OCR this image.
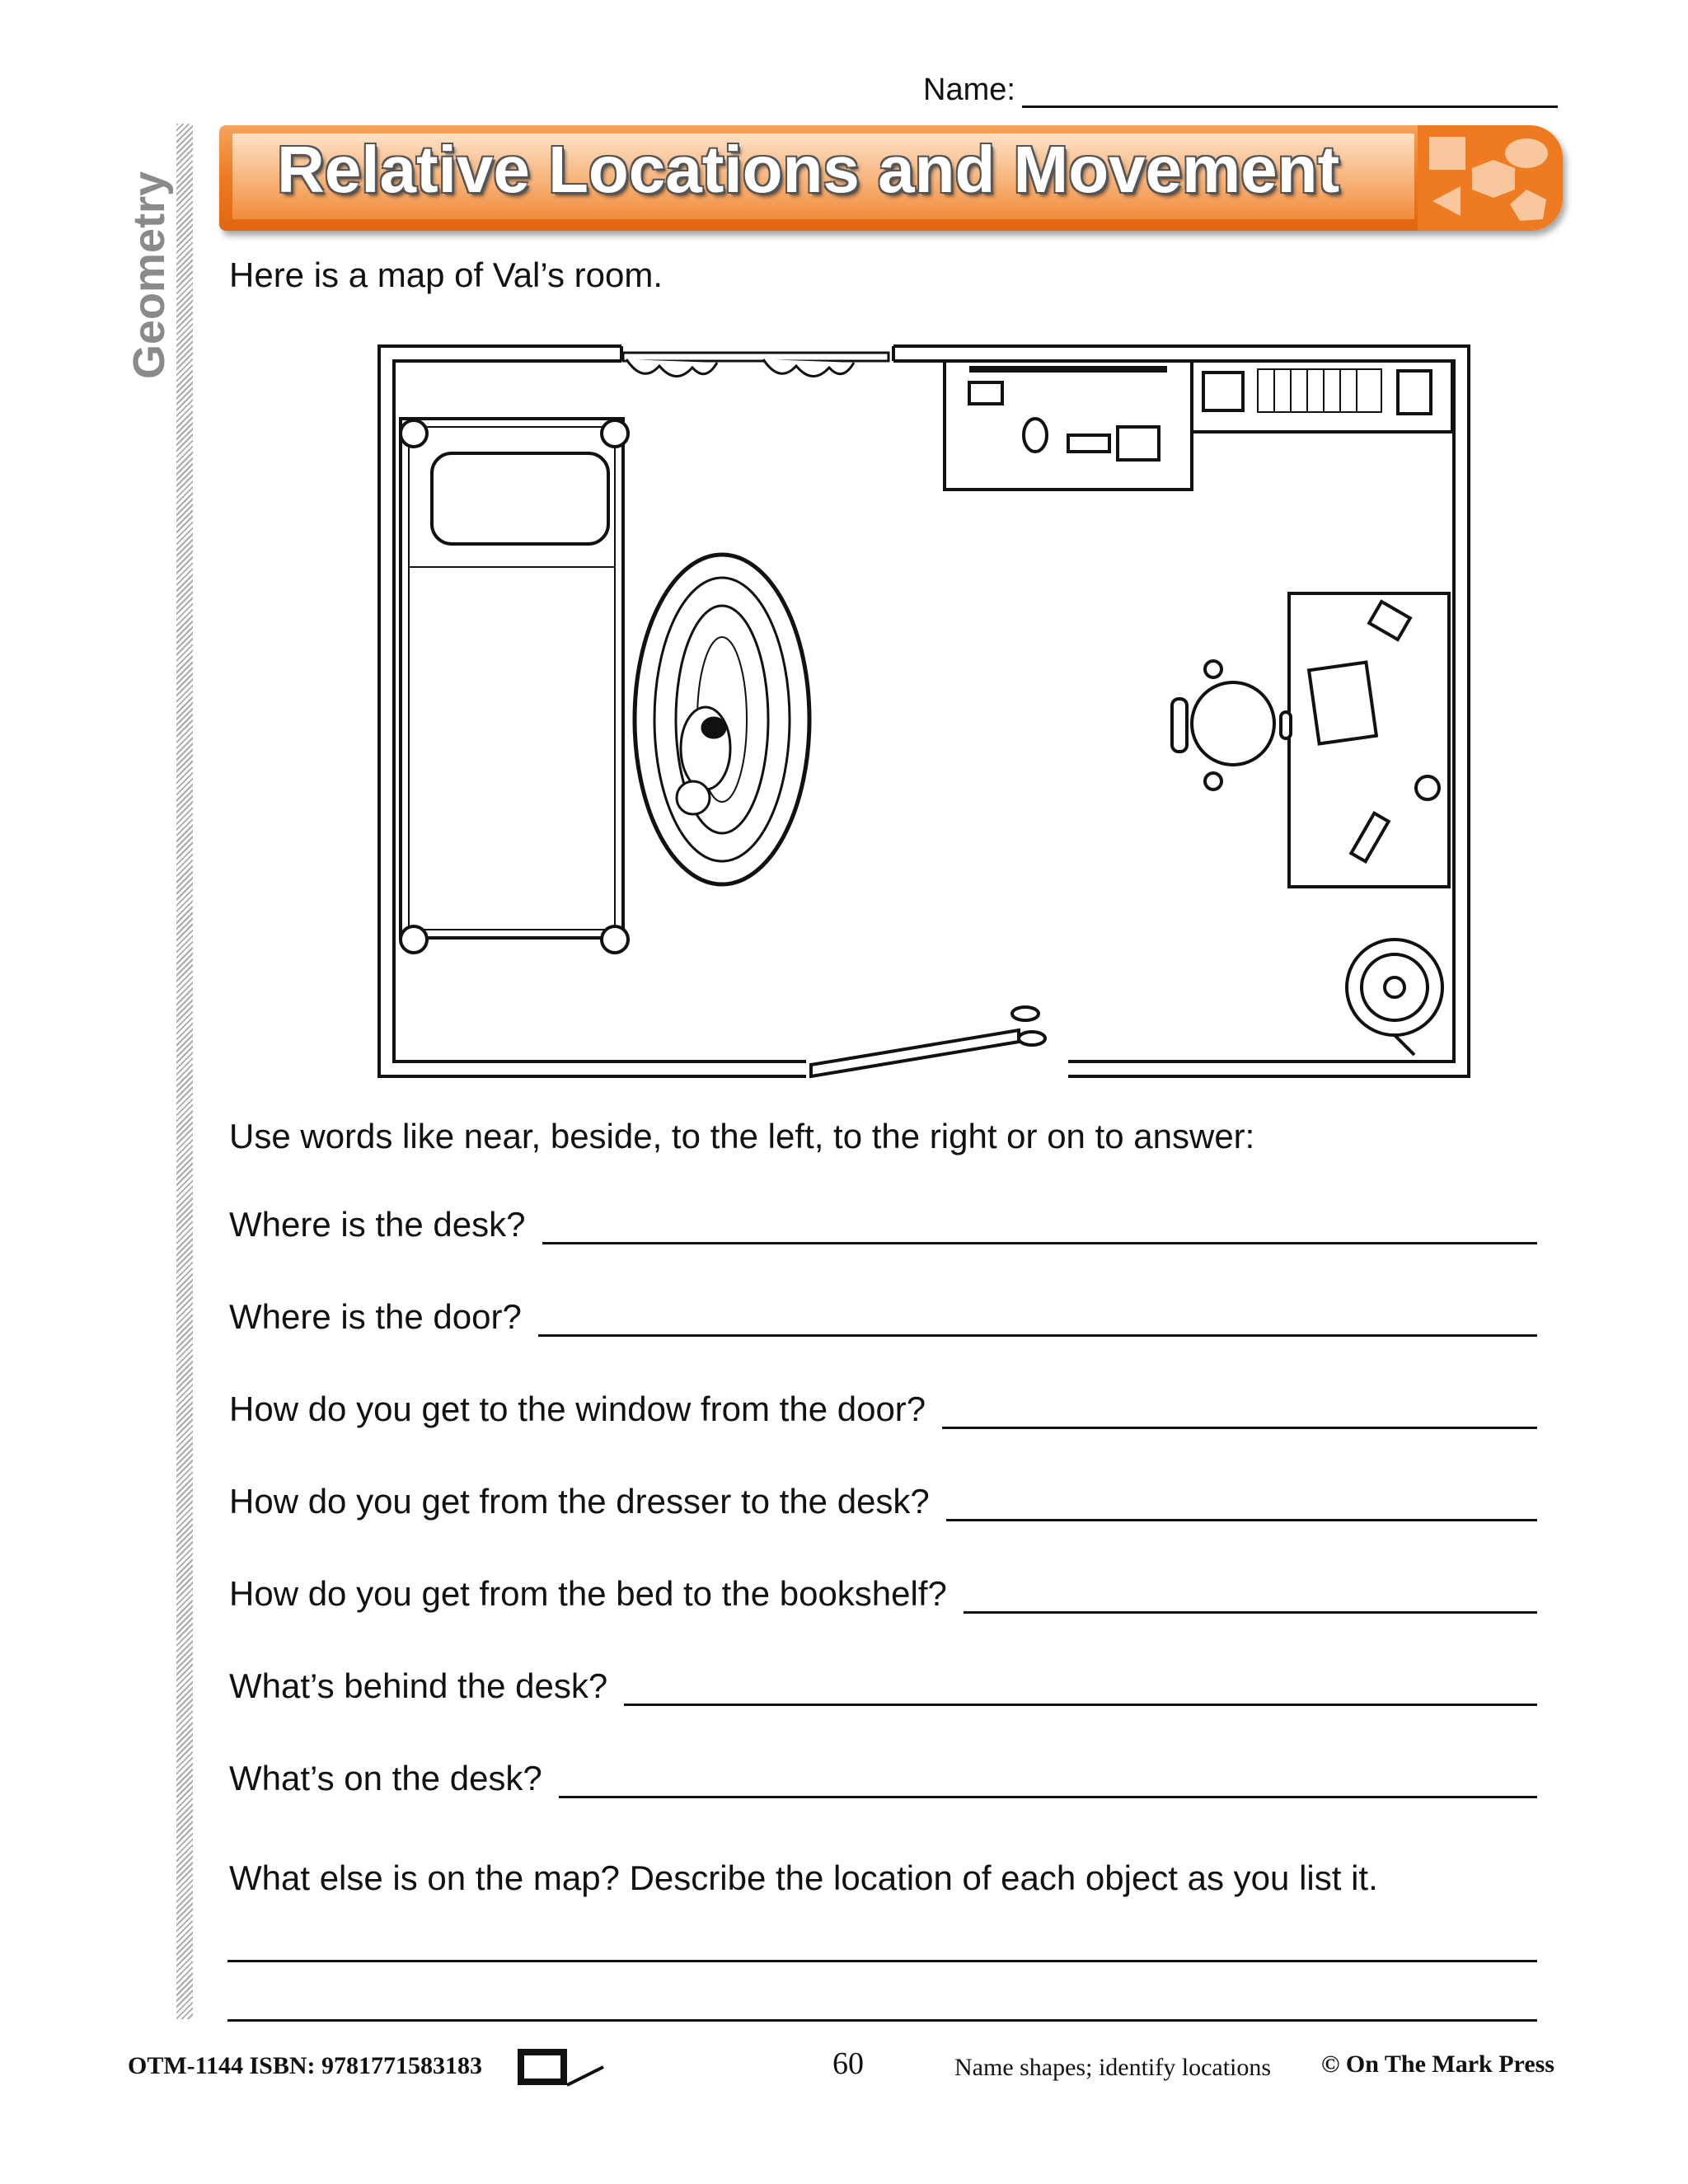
Geometry
Name:
Relative Locations and Movement
Here is a map of Val’s room.
Use words like near, beside, to the left, to the right or on to answer:
Where is the desk?
Where is the door?
How do you get to the window from the door?
How do you get from the dresser to the desk?
How do you get from the bed to the bookshelf?
What’s behind the desk?
What’s on the desk?
What else is on the map? Describe the location of each object as you list it.
OTM-1144 ISBN: 9781771583183	60	Name shapes; identify locations © On The Mark Press
